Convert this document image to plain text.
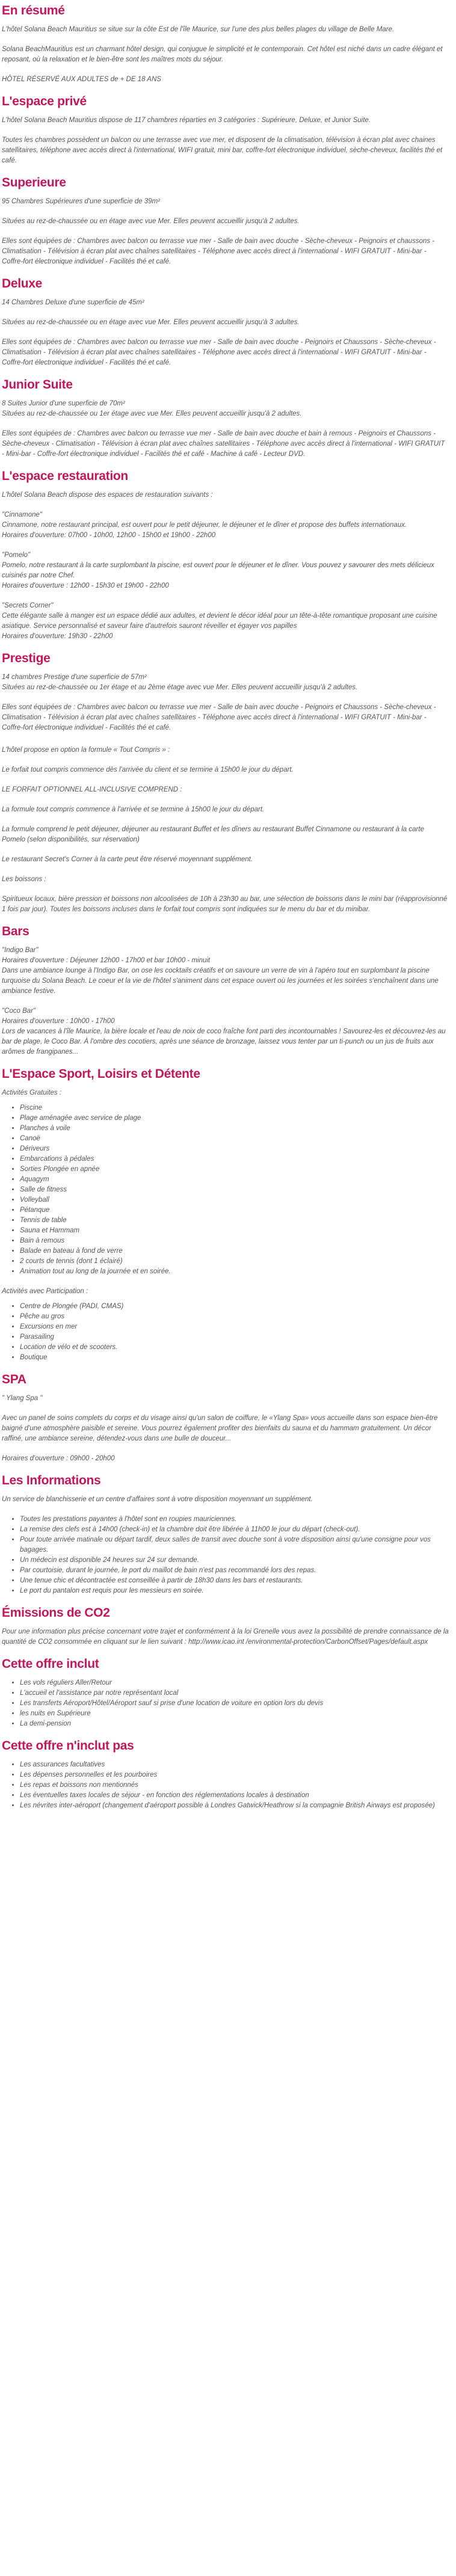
En résumé

L'hôtel Solana Beach Mauritius se situe sur la côte Est de l'île Maurice, sur l'une des plus belles plages du village de Belle Mare.

Solana BeachMauritius est un charmant hôtel design, qui conjugue le simplicité et le contemporain. Cet hôtel est niché dans un cadre élégant et reposant, où la relaxation et le bien-être sont les maîtres mots du séjour.

HÔTEL RÉSERVÉ AUX ADULTES de + DE 18 ANS

L'espace privé

L'hôtel Solana Beach Mauritius dispose de 117 chambres réparties en 3 catégories : Supérieure, Deluxe, et Junior Suite.

Toutes les chambres possèdent un balcon ou une terrasse avec vue mer, et disposent de la climatisation, télévision à écran plat avec chaines satellitaires, téléphone avec accès direct à l'international, WIFI gratuit, mini bar, coffre-fort électronique individuel, sèche-cheveux, facilités thé et café.

Superieure

95 Chambres Supérieures d'une superficie de 39m²

Situées au rez-de-chaussée ou en étage avec vue Mer. Elles peuvent accueillir jusqu'à 2 adultes.

Elles sont équipées de : Chambres avec balcon ou terrasse vue mer - Salle de bain avec douche - Sèche-cheveux - Peignoirs et chaussons - Climatisation - Télévision à écran plat avec chaînes satellitaires - Téléphone avec accès direct à l'international - WIFI GRATUIT - Mini-bar - Coffre-fort électronique individuel - Facilités thé et café.

Deluxe

14 Chambres Deluxe d'une superficie de 45m²

Situées au rez-de-chaussée ou en étage avec vue Mer. Elles peuvent accueillir jusqu'à 3 adultes.

Elles sont équipées de : Chambres avec balcon ou terrasse vue mer - Salle de bain avec douche - Peignoirs et Chaussons - Sèche-cheveux - Climatisation - Télévision à écran plat avec chaînes satellitaires - Téléphone avec accès direct à l'international - WIFI GRATUIT - Mini-bar - Coffre-fort électronique individuel - Facilités thé et café.

Junior Suite

8 Suites Junior d'une superficie de 70m²

Situées au rez-de-chaussée ou 1er étage avec vue Mer. Elles peuvent accueillir jusqu'à 2 adultes.

Elles sont équipées de : Chambres avec balcon ou terrasse vue mer - Salle de bain avec douche et bain à remous - Peignoirs et Chaussons - Sèche-cheveux - Climatisation - Télévision à écran plat avec chaînes satellitaires - Téléphone avec accès direct à l'international - WIFI GRATUIT - Mini-bar - Coffre-fort électronique individuel - Facilités thé et café - Machine à café - Lecteur DVD.

L'espace restauration

L'hôtel Solana Beach dispose des espaces de restauration suivants :

"Cinnamone"

Cinnamone, notre restaurant principal, est ouvert pour le petit déjeuner, le déjeuner et le dîner et propose des buffets internationaux.

Horaires d'ouverture: 07h00 - 10h00, 12h00 - 15h00 et 19h00 - 22h00

"Pomelo"

Pomelo, notre restaurant à la carte surplombant la piscine, est ouvert pour le déjeuner et le dîner. Vous pouvez y savourer des mets délicieux cuisinés par notre Chef.

Horaires d'ouverture : 12h00 - 15h30 et 19h00 - 22h00

"Secrets Corner"

Cette élégante salle à manger est un espace dédié aux adultes, et devient le décor idéal pour un tête-à-tête romantique proposant une cuisine asiatique. Service personnalisé et saveur faire d'autrefois sauront réveiller et égayer vos papilles

Horaires d'ouverture: 19h30 - 22h00

Prestige

14 chambres Prestige d'une superficie de 57m²

Situées au rez-de-chaussée ou 1er étage et au 2ème étage avec vue Mer. Elles peuvent accueillir jusqu'à 2 adultes.

Elles sont équipées de : Chambres avec balcon ou terrasse vue mer - Salle de bain avec douche - Peignoirs et Chaussons - Sèche-cheveux - Climatisation - Télévision à écran plat avec chaînes satellitaires - Téléphone avec accès direct à l'international - WIFI GRATUIT - Mini-bar - Coffre-fort électronique individuel - Facilités thé et café.

L'hôtel propose en option la formule « Tout Compris » :

Le forfait tout compris commence dès l'arrivée du client et se termine à 15h00 le jour du départ.

LE FORFAIT OPTIONNEL ALL-INCLUSIVE COMPREND :

La formule tout compris commence à l'arrivée et se termine à 15h00 le jour du départ.

La formule comprend le petit déjeuner, déjeuner au restaurant Buffet et les dîners au restaurant Buffet Cinnamone ou restaurant à la carte Pomelo (selon disponibilités, sur réservation)

Le restaurant Secret's Corner à la carte peut être réservé moyennant supplément.

Les boissons :

Spiritueux locaux, bière pression et boissons non alcoolisées de 10h à 23h30 au bar, une sélection de boissons dans le mini bar (réapprovisionné 1 fois par jour). Toutes les boissons incluses dans le forfait tout compris sont indiquées sur le menu du bar et du minibar.

Bars

"Indigo Bar"

Horaires d'ouverture : Déjeuner 12h00 - 17h00 et bar 10h00 - minuit

Dans une ambiance lounge à l'Indigo Bar, on ose les cocktails créatifs et on savoure un verre de vin à l'apéro tout en surplombant la piscine turquoise du Solana Beach. Le coeur et la vie de l'hôtel s'animent dans cet espace ouvert où les journées et les soirées s'enchaînent dans une ambiance festive.

"Coco Bar"

Horaires d'ouverture : 10h00 - 17h00

Lors de vacances à l'île Maurice, la bière locale et l'eau de noix de coco fraîche font parti des incontournables ! Savourez-les et découvrez-les au bar de plage, le Coco Bar. À l'ombre des cocotiers, après une séance de bronzage, laissez vous tenter par un ti-punch ou un jus de fruits aux arômes de frangipanes...

L'Espace Sport, Loisirs et Détente

Activités Gratuites :

• Piscine
• Plage aménagée avec service de plage
• Planches à voile
• Canoë
• Dériveurs
• Embarcations à pédales
• Sorties Plongée en apnée
• Aquagym
• Salle de fitness
• Volleyball
• Pétanque
• Tennis de table
• Sauna et Hammam
• Bain à remous
• Balade en bateau à fond de verre
• 2 courts de tennis (dont 1 éclairé)
• Animation tout au long de la journée et en soirée.

Activités avec Participation :

• Centre de Plongée (PADI, CMAS)
• Pêche au gros
• Excursions en mer
• Parasailing
• Location de vélo et de scooters.
• Boutique
SPA

" Ylang Spa "

Avec un panel de soins complets du corps et du visage ainsi qu'un salon de coiffure, le «Ylang Spa» vous accueille dans son espace bien-être baigné d'une atmosphère paisible et sereine. Vous pourrez également profiter des bienfaits du sauna et du hammam gratuitement. Un décor raffiné, une ambiance sereine, détendez-vous dans une bulle de douceur...

Horaires d'ouverture : 09h00 - 20h00

Les Informations

Un service de blanchisserie et un centre d'affaires sont à votre disposition moyennant un supplément.

• Toutes les prestations payantes à l'hôtel sont en roupies mauriciennes.
• La remise des clefs est à 14h00 (check-in) et la chambre doit être libérée à 11h00 le jour du départ (check-out).
• Pour toute arrivée matinale ou départ tardif, deux salles de transit avec douche sont à votre disposition ainsi qu'une consigne pour vos bagages.
• Un médecin est disponible 24 heures sur 24 sur demande.
• Par courtoisie, durant le journée, le port du maillot de bain n'est pas recommandé lors des repas.
• Une tenue chic et décontractée est conseillée à partir de 18h30 dans les bars et restaurants.
• Le port du pantalon est requis pour les messieurs en soirée.
Émissions de CO2

Pour une information plus précise concernant votre trajet et conformément à la loi Grenelle vous avez la possibilité de prendre connaissance de la quantité de CO2 consommée en cliquant sur le lien suivant : http://www.icao.int /environmental-protection/CarbonOffset/Pages/default.aspx

Cette offre inclut
• Les vols réguliers Aller/Retour
• L'accueil et l'assistance par notre représentant local
• Les transferts Aéroport/Hôtel/Aéroport sauf si prise d'une location de voiture en option lors du devis
• les nuits en Supérieure
• La demi-pension
Cette offre n'inclut pas
• Les assurances facultatives
• Les dépenses personnelles et les pourboires
• Les repas et boissons non mentionnés
• Les éventuelles taxes locales de séjour - en fonction des réglementations locales à destination
• Les névrites inter-aéroport (changement d'aéroport possible à Londres Gatwick/Heathrow si la compagnie British Airways est proposée)
